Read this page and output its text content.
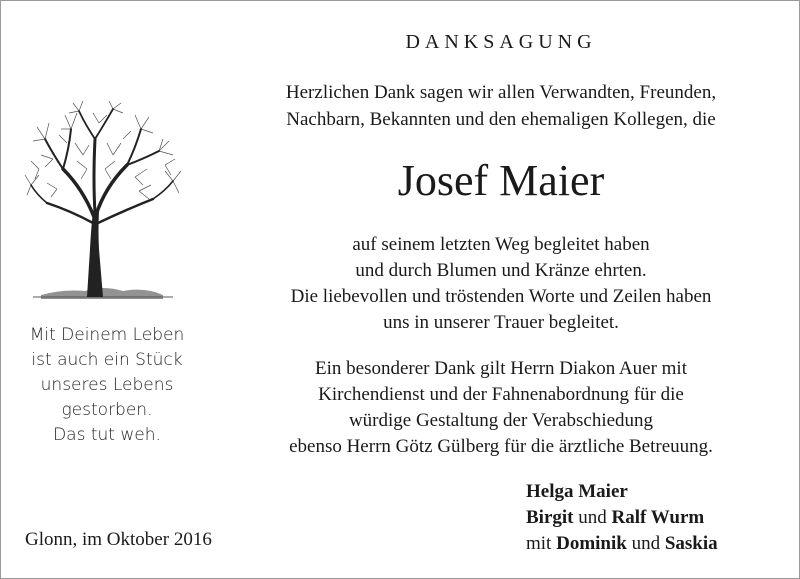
DANKSAGUNG
Herzlichen Dank sagen wir allen Verwandten, Freunden,
Nachbarn, Bekannten und den ehemaligen Kollegen, die
Josef Maier
auf seinem letzten Weg begleitet haben
und durch Blumen und Kränze ehrten.
Die liebevollen und tröstenden Worte und Zeilen haben
uns in unserer Trauer begleitet.
Ein besonderer Dank gilt Herrn Diakon Auer mit
Kirchendienst und der Fahnenabordnung für die
würdige Gestaltung der Verabschiedung
ebenso Herrn Götz Gülberg für die ärztliche Betreuung.
Mit Deinem Leben
ist auch ein Stück
unseres Lebens
gestorben.
Das tut weh.
Glonn, im Oktober 2016
Helga Maier
Birgit und Ralf Wurm
mit Dominik und Saskia
